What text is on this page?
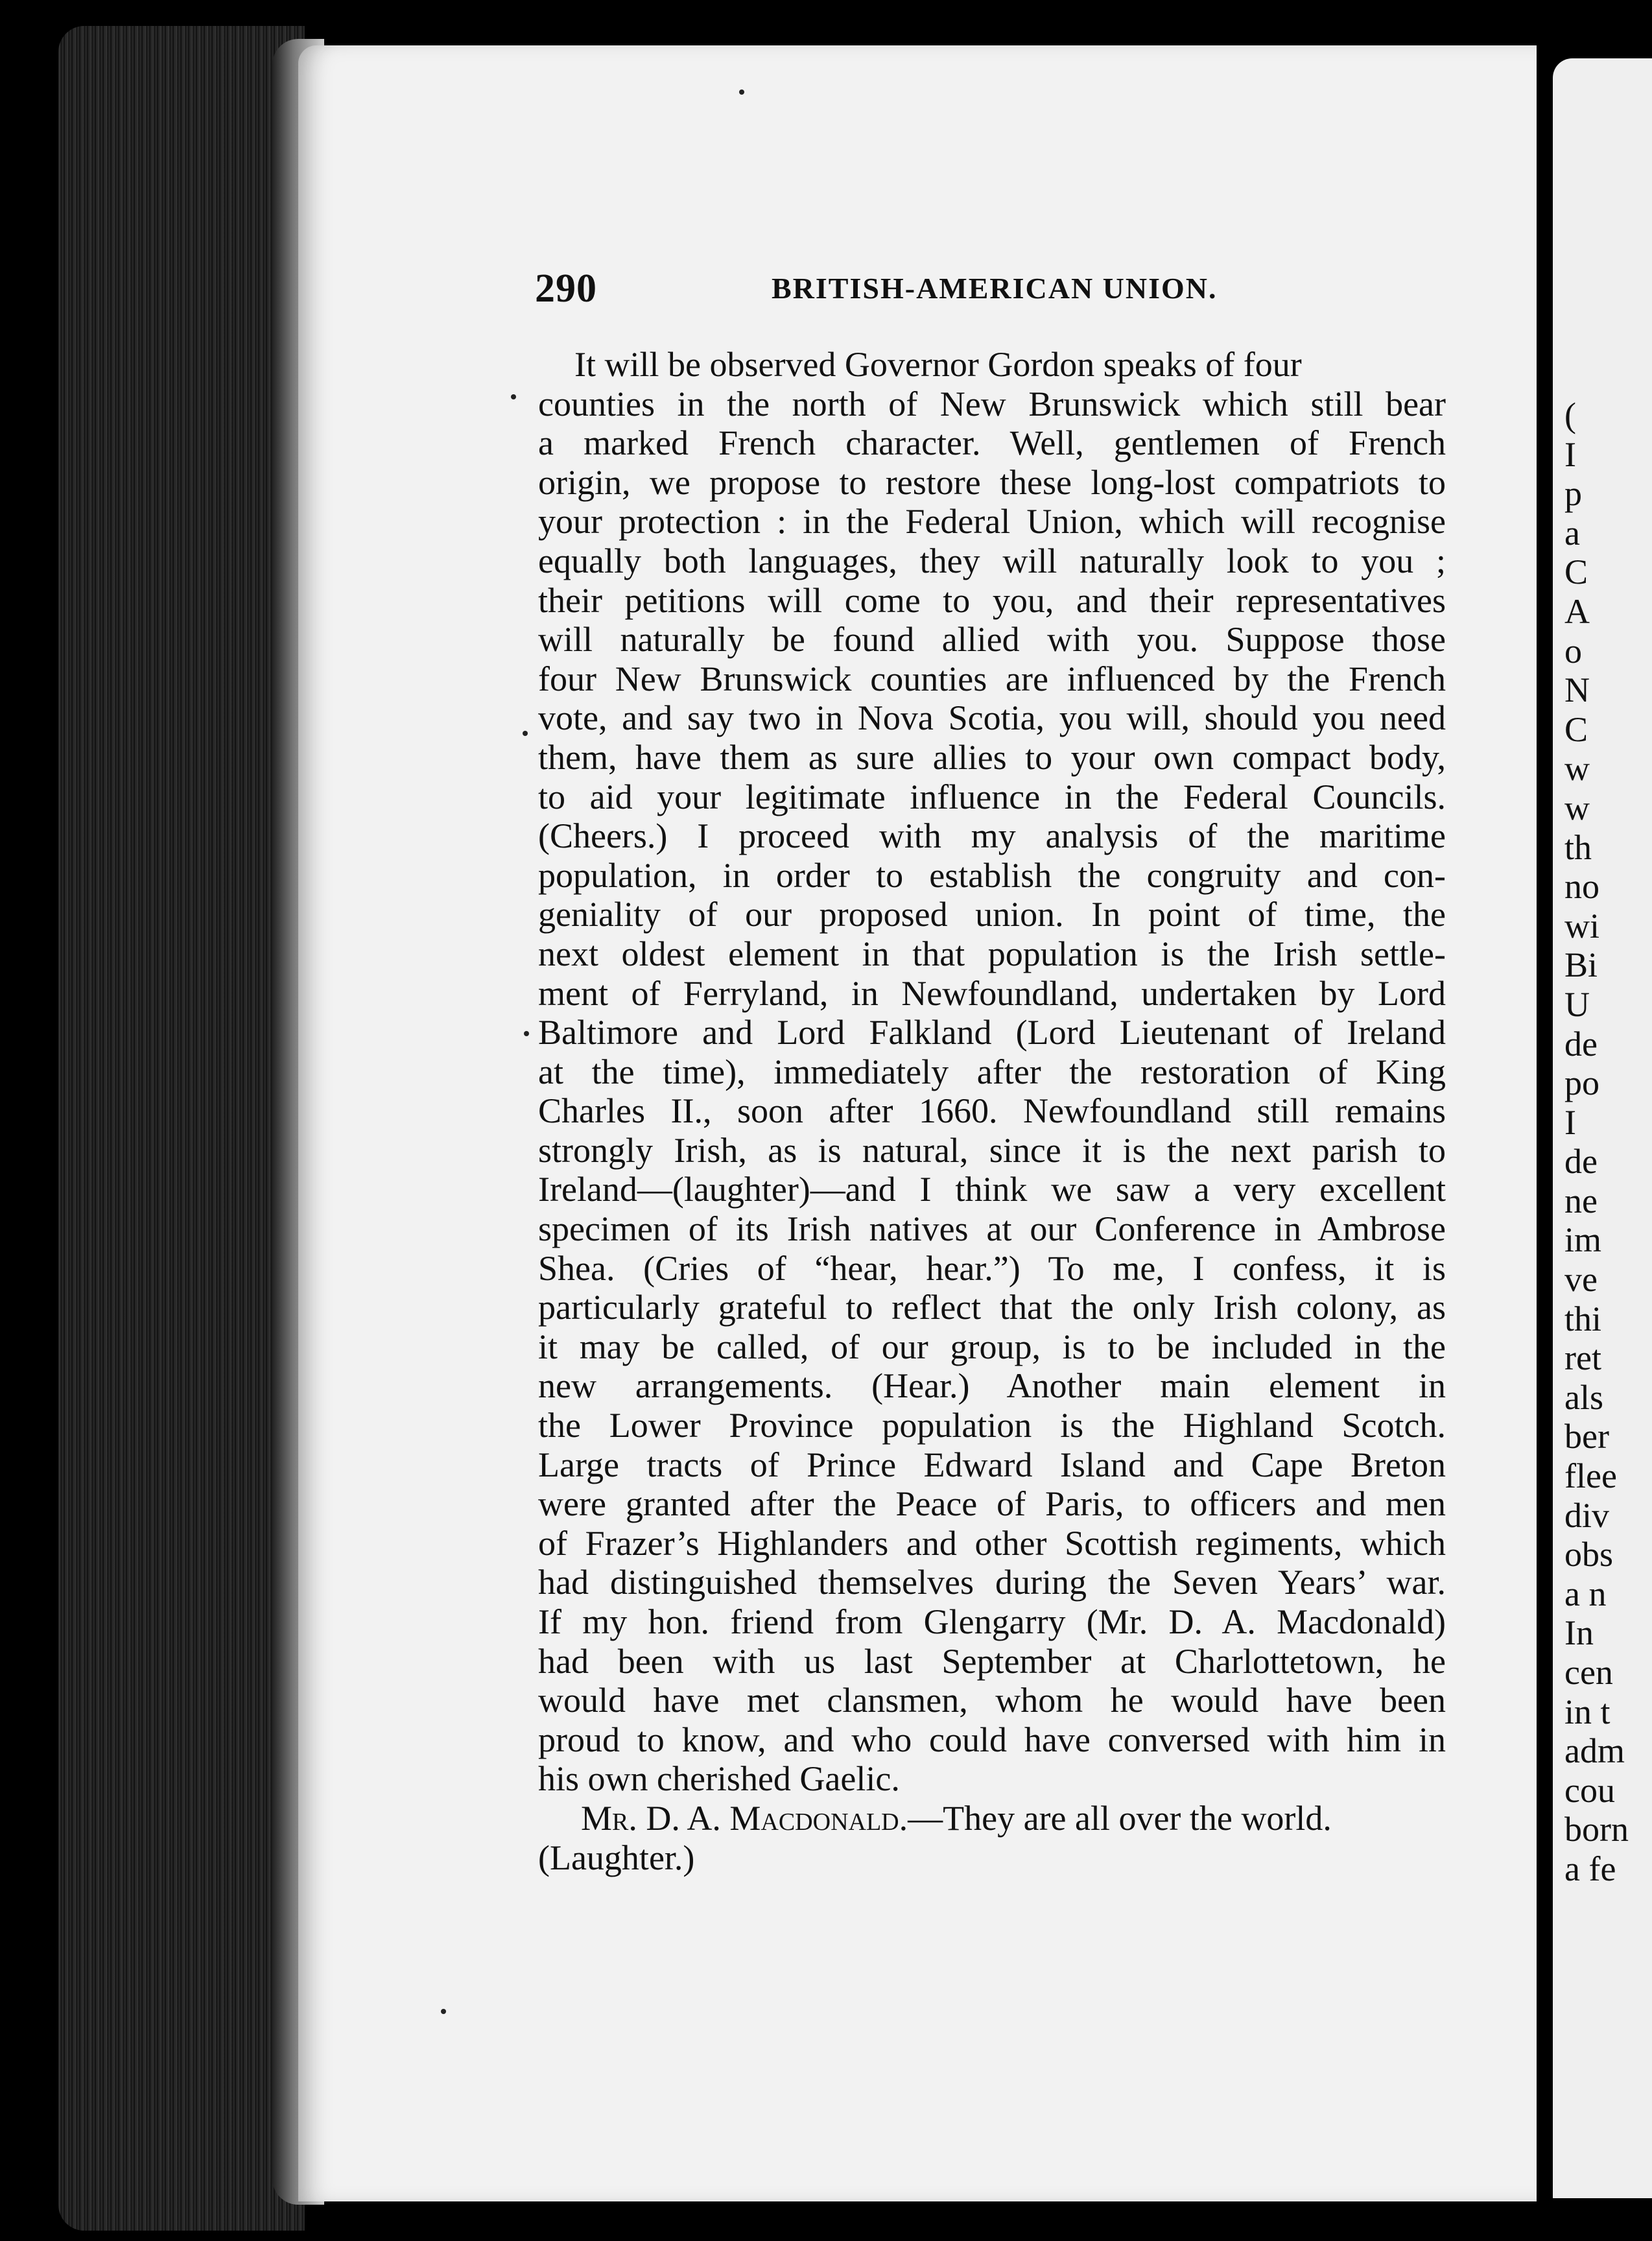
(
I
p
a
C
A
o
N
C
w
w
th
no
wi
Bi
U
de
po
I
de
ne
im
ve
thi
ret
als
ber
flee
div
obs
a n
In
cen
in t
adm
cou
born
a fe
290	BRITISH-AMERICAN UNION.
It will be observed Governor Gordon speaks of four
counties in the north of New Brunswick which still bear
a marked French character. Well, gentlemen of French
origin, we propose to restore these long-lost compatriots to
your protection : in the Federal Union, which will recognise
equally both languages, they will naturally look to you ;
their petitions will come to you, and their representatives
will naturally be found allied with you. Suppose those
four New Brunswick counties are influenced by the French
vote, and say two in Nova Scotia, you will, should you need
them, have them as sure allies to your own compact body,
to aid your legitimate influence in the Federal Councils.
(Cheers.) I proceed with my analysis of the maritime
population, in order to establish the congruity and con-
geniality of our proposed union. In point of time, the
next oldest element in that population is the Irish settle-
ment of Ferryland, in Newfoundland, undertaken by Lord
Baltimore and Lord Falkland (Lord Lieutenant of Ireland
at the time), immediately after the restoration of King
Charles II., soon after 1660. Newfoundland still remains
strongly Irish, as is natural, since it is the next parish to
Ireland—(laughter)—and I think we saw a very excellent
specimen of its Irish natives at our Conference in Ambrose
Shea. (Cries of “hear, hear.”) To me, I confess, it is
particularly grateful to reflect that the only Irish colony, as
it may be called, of our group, is to be included in the
new arrangements. (Hear.) Another main element in
the Lower Province population is the Highland Scotch.
Large tracts of Prince Edward Island and Cape Breton
were granted after the Peace of Paris, to officers and men
of Frazer’s Highlanders and other Scottish regiments, which
had distinguished themselves during the Seven Years’ war.
If my hon. friend from Glengarry (Mr. D. A. Macdonald)
had been with us last September at Charlottetown, he
would have met clansmen, whom he would have been
proud to know, and who could have conversed with him in
his own cherished Gaelic.
Mr. D. A. Macdonald.—They are all over the world.
(Laughter.)
